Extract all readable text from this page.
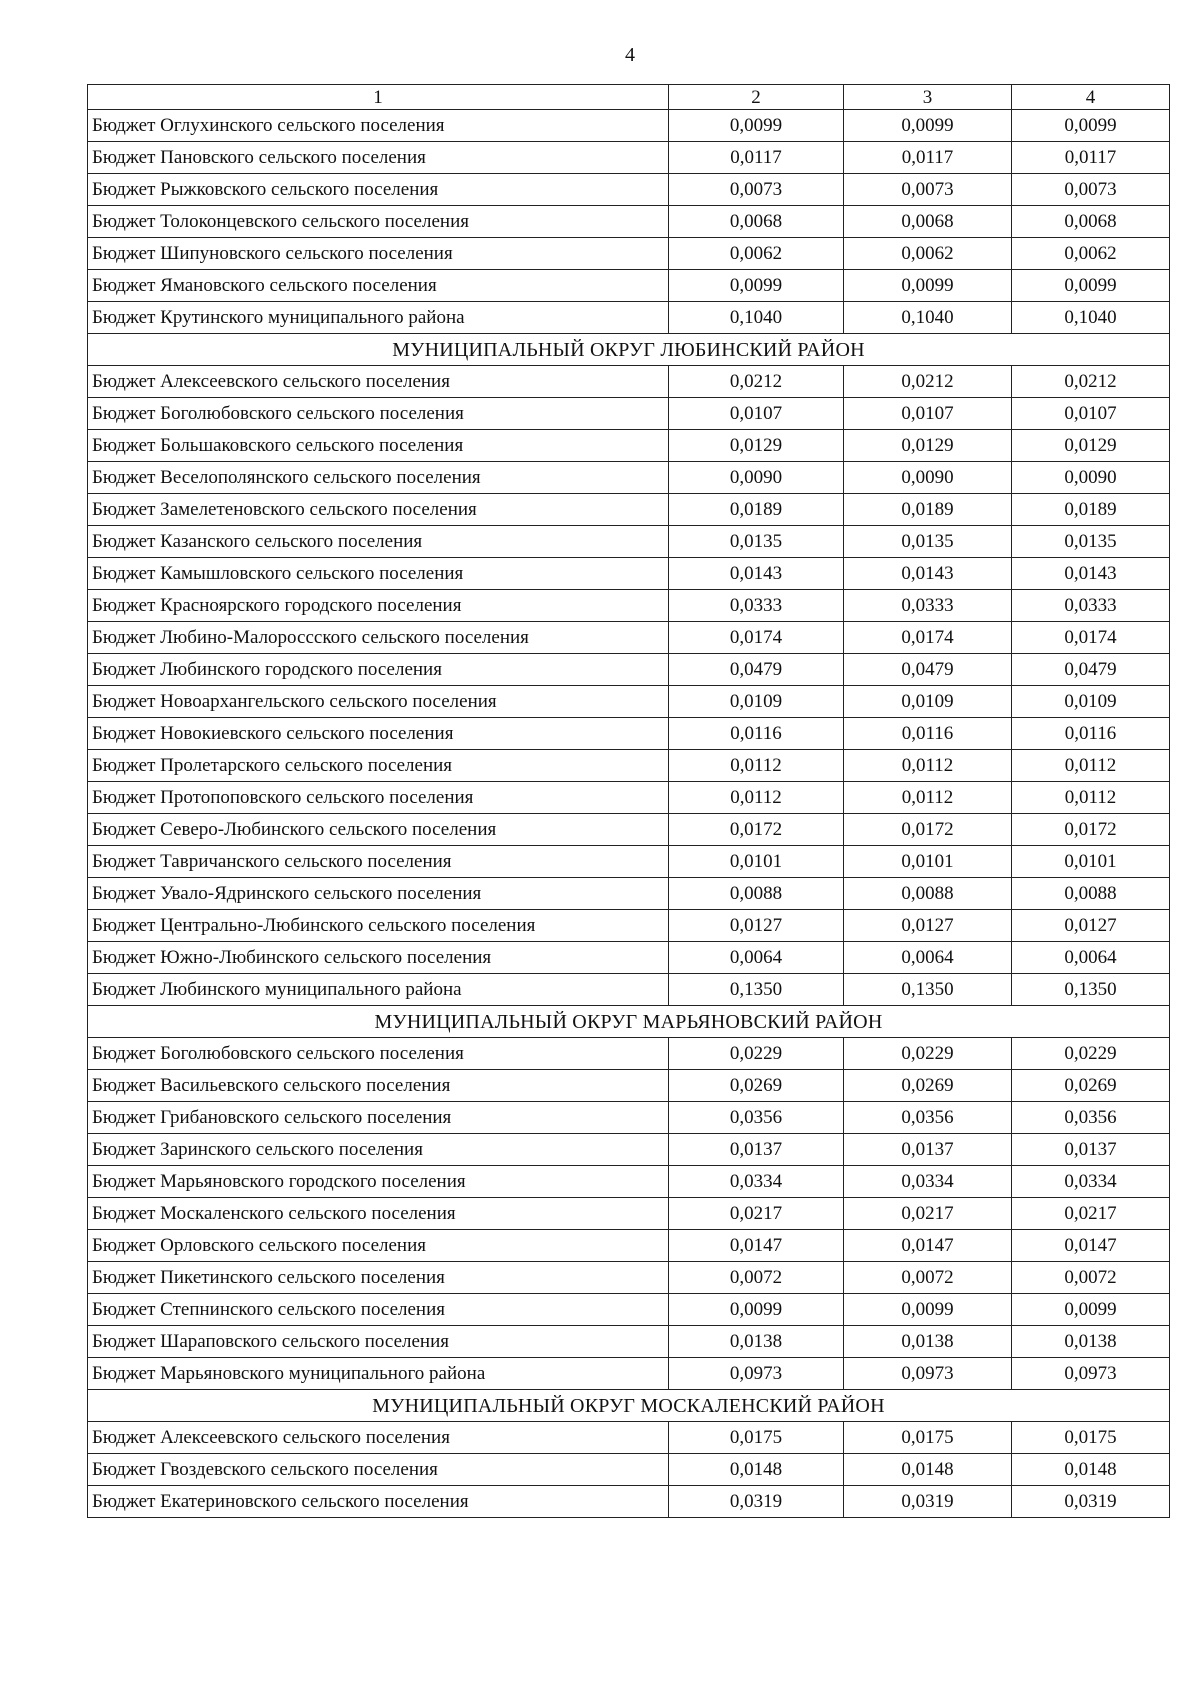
4
1	2	3	4
Бюджет Оглухинского сельского поселения	0,0099	0,0099	0,0099
Бюджет Пановского сельского поселения	0,0117	0,0117	0,0117
Бюджет Рыжковского сельского поселения	0,0073	0,0073	0,0073
Бюджет Толоконцевского сельского поселения	0,0068	0,0068	0,0068
Бюджет Шипуновского сельского поселения	0,0062	0,0062	0,0062
Бюджет Ямановского сельского поселения	0,0099	0,0099	0,0099
Бюджет Крутинского муниципального района	0,1040	0,1040	0,1040
МУНИЦИПАЛЬНЫЙ ОКРУГ ЛЮБИНСКИЙ РАЙОН			
Бюджет Алексеевского сельского поселения	0,0212	0,0212	0,0212
Бюджет Боголюбовского сельского поселения	0,0107	0,0107	0,0107
Бюджет Большаковского сельского поселения	0,0129	0,0129	0,0129
Бюджет Веселополянского сельского поселения	0,0090	0,0090	0,0090
Бюджет Замелетеновского сельского поселения	0,0189	0,0189	0,0189
Бюджет Казанского сельского поселения	0,0135	0,0135	0,0135
Бюджет Камышловского сельского поселения	0,0143	0,0143	0,0143
Бюджет Красноярского городского поселения	0,0333	0,0333	0,0333
Бюджет Любино-Малороссского сельского поселения	0,0174	0,0174	0,0174
Бюджет Любинского городского поселения	0,0479	0,0479	0,0479
Бюджет Новоархангельского сельского поселения	0,0109	0,0109	0,0109
Бюджет Новокиевского сельского поселения	0,0116	0,0116	0,0116
Бюджет Пролетарского сельского поселения	0,0112	0,0112	0,0112
Бюджет Протопоповского сельского поселения	0,0112	0,0112	0,0112
Бюджет Северо-Любинского сельского поселения	0,0172	0,0172	0,0172
Бюджет Тавричанского сельского поселения	0,0101	0,0101	0,0101
Бюджет Увало-Ядринского сельского поселения	0,0088	0,0088	0,0088
Бюджет Центрально-Любинского сельского поселения	0,0127	0,0127	0,0127
Бюджет Южно-Любинского сельского поселения	0,0064	0,0064	0,0064
Бюджет Любинского муниципального района	0,1350	0,1350	0,1350
МУНИЦИПАЛЬНЫЙ ОКРУГ МАРЬЯНОВСКИЙ РАЙОН			
Бюджет Боголюбовского сельского поселения	0,0229	0,0229	0,0229
Бюджет Васильевского сельского поселения	0,0269	0,0269	0,0269
Бюджет Грибановского сельского поселения	0,0356	0,0356	0,0356
Бюджет Заринского сельского поселения	0,0137	0,0137	0,0137
Бюджет Марьяновского городского поселения	0,0334	0,0334	0,0334
Бюджет Москаленского сельского поселения	0,0217	0,0217	0,0217
Бюджет Орловского сельского поселения	0,0147	0,0147	0,0147
Бюджет Пикетинского сельского поселения	0,0072	0,0072	0,0072
Бюджет Степнинского сельского поселения	0,0099	0,0099	0,0099
Бюджет Шараповского сельского поселения	0,0138	0,0138	0,0138
Бюджет Марьяновского муниципального района	0,0973	0,0973	0,0973
МУНИЦИПАЛЬНЫЙ ОКРУГ МОСКАЛЕНСКИЙ РАЙОН			
Бюджет Алексеевского сельского поселения	0,0175	0,0175	0,0175
Бюджет Гвоздевского сельского поселения	0,0148	0,0148	0,0148
Бюджет Екатериновского сельского поселения	0,0319	0,0319	0,0319
